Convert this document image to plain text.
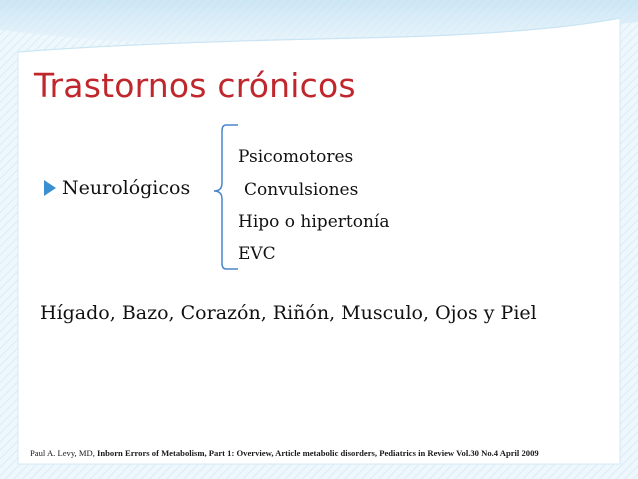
Trastornos crónicos
Neurológicos
Psicomotores
Convulsiones
Hipo o hipertonía
EVC
Hígado, Bazo, Corazón, Riñón, Musculo, Ojos y Piel
Paul A. Levy, MD, Inborn Errors of Metabolism, Part 1: Overview, Article metabolic disorders, Pediatrics in Review Vol.30 No.4 April 2009
